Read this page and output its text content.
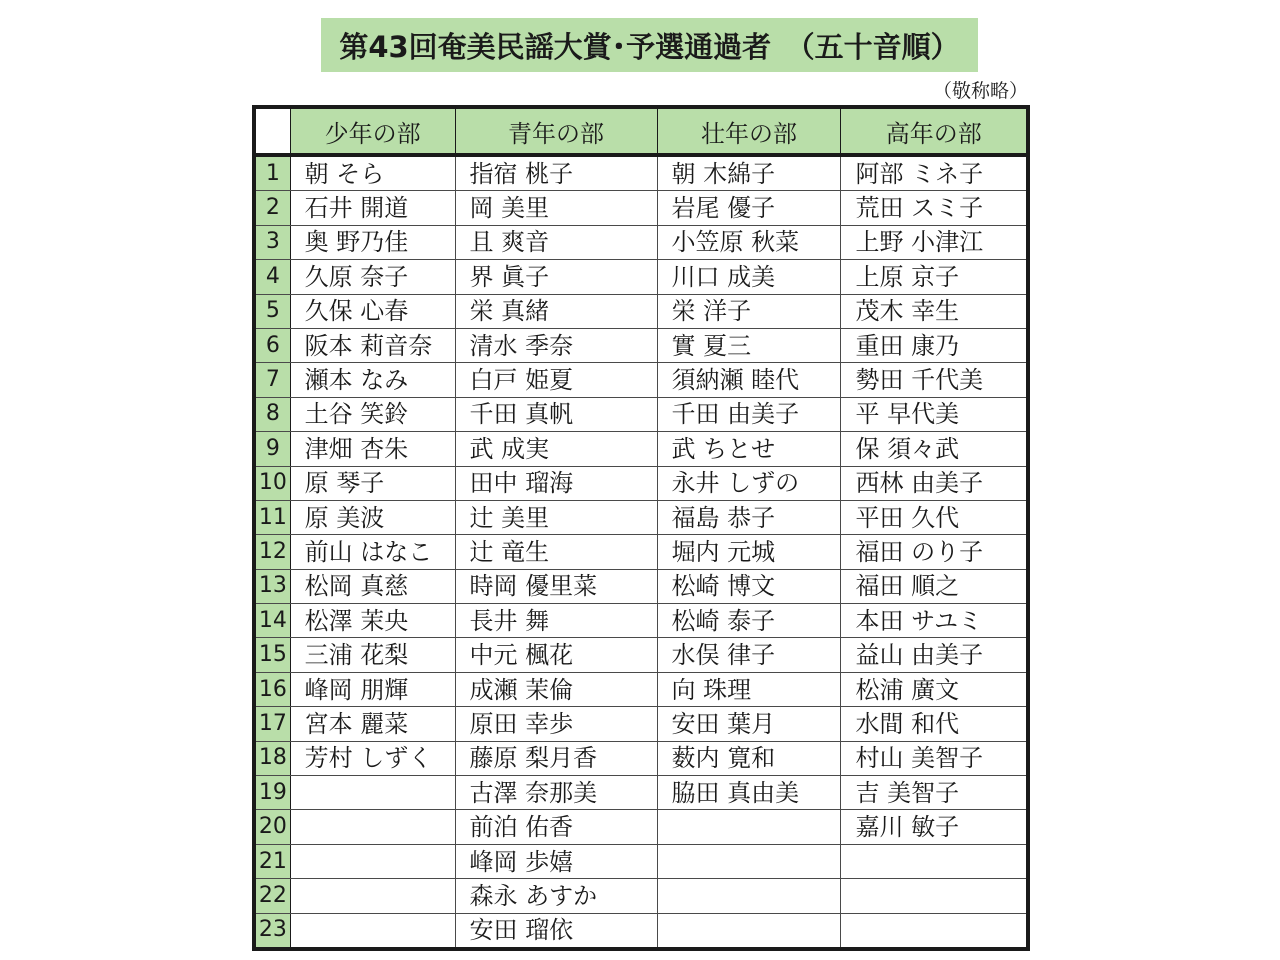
第43回奄美民謡大賞･予選通過者　（五十音順）
（敬称略）
	少年の部	青年の部	壮年の部	高年の部
1	朝 そら	指宿 桃子	朝 木綿子	阿部 ミネ子
2	石井 開道	岡 美里	岩尾 優子	荒田 スミ子
3	奥 野乃佳	且 爽音	小笠原 秋菜	上野 小津江
4	久原 奈子	界 眞子	川口 成美	上原 京子
5	久保 心春	栄 真緒	栄 洋子	茂木 幸生
6	阪本 莉音奈	清水 季奈	實 夏三	重田 康乃
7	瀬本 なみ	白戸 姫夏	須納瀬 睦代	勢田 千代美
8	土谷 笑鈴	千田 真帆	千田 由美子	平 早代美
9	津畑 杏朱	武 成実	武 ちとせ	保 須々武
10	原 琴子	田中 瑠海	永井 しずの	西林 由美子
11	原 美波	辻 美里	福島 恭子	平田 久代
12	前山 はなこ	辻 竜生	堀内 元城	福田 のり子
13	松岡 真慈	時岡 優里菜	松崎 博文	福田 順之
14	松澤 茉央	長井 舞	松崎 泰子	本田 サユミ
15	三浦 花梨	中元 楓花	水俣 律子	益山 由美子
16	峰岡 朋輝	成瀬 茉倫	向 珠理	松浦 廣文
17	宮本 麗菜	原田 幸歩	安田 葉月	水間 和代
18	芳村 しずく	藤原 梨月香	薮内 寛和	村山 美智子
19		古澤 奈那美	脇田 真由美	吉 美智子
20		前泊 佑香		嘉川 敏子
21		峰岡 歩嬉		
22		森永 あすか		
23		安田 瑠依		
